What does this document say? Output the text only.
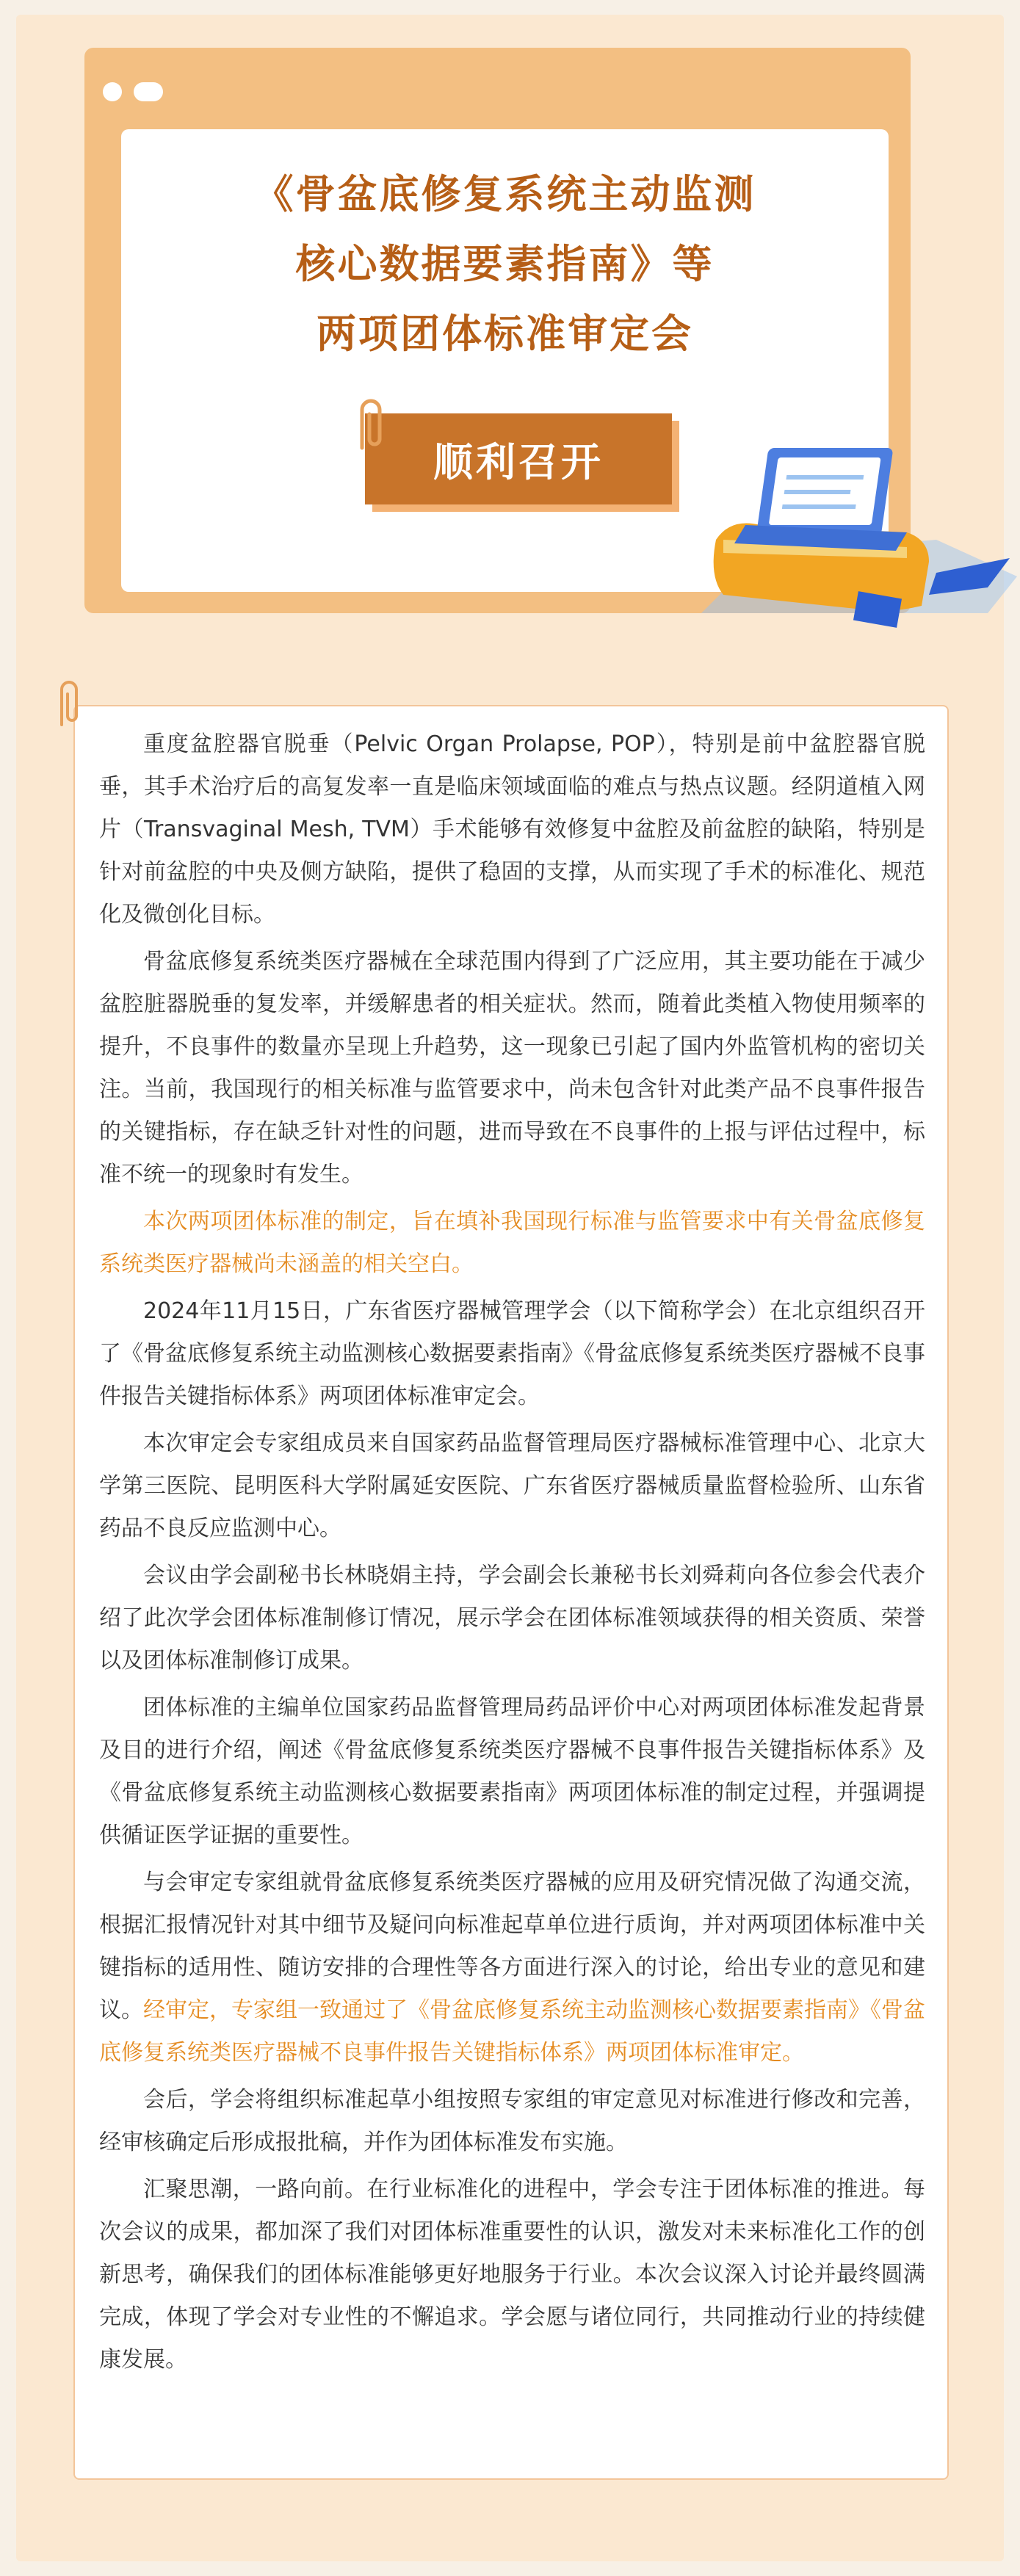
《骨盆底修复系统主动监测
核心数据要素指南》等
两项团体标准审定会
顺利召开

重度盆腔器官脱垂（Pelvic Organ Prolapse, POP），特别是前中盆腔器官脱垂，其手术治疗后的高复发率一直是临床领域面临的难点与热点议题。经阴道植入网片（Transvaginal Mesh, TVM）手术能够有效修复中盆腔及前盆腔的缺陷，特别是针对前盆腔的中央及侧方缺陷，提供了稳固的支撑，从而实现了手术的标准化、规范化及微创化目标。

骨盆底修复系统类医疗器械在全球范围内得到了广泛应用，其主要功能在于减少盆腔脏器脱垂的复发率，并缓解患者的相关症状。然而，随着此类植入物使用频率的提升，不良事件的数量亦呈现上升趋势，这一现象已引起了国内外监管机构的密切关注。当前，我国现行的相关标准与监管要求中，尚未包含针对此类产品不良事件报告的关键指标，存在缺乏针对性的问题，进而导致在不良事件的上报与评估过程中，标准不统一的现象时有发生。

本次两项团体标准的制定，旨在填补我国现行标准与监管要求中有关骨盆底修复系统类医疗器械尚未涵盖的相关空白。

2024年11月15日，广东省医疗器械管理学会（以下简称学会）在北京组织召开了《骨盆底修复系统主动监测核心数据要素指南》《骨盆底修复系统类医疗器械不良事件报告关键指标体系》两项团体标准审定会。

本次审定会专家组成员来自国家药品监督管理局医疗器械标准管理中心、北京大学第三医院、昆明医科大学附属延安医院、广东省医疗器械质量监督检验所、山东省药品不良反应监测中心。

会议由学会副秘书长林晓娟主持，学会副会长兼秘书长刘舜莉向各位参会代表介绍了此次学会团体标准制修订情况，展示学会在团体标准领域获得的相关资质、荣誉以及团体标准制修订成果。

团体标准的主编单位国家药品监督管理局药品评价中心对两项团体标准发起背景及目的进行介绍，阐述《骨盆底修复系统类医疗器械不良事件报告关键指标体系》及《骨盆底修复系统主动监测核心数据要素指南》两项团体标准的制定过程，并强调提供循证医学证据的重要性。

与会审定专家组就骨盆底修复系统类医疗器械的应用及研究情况做了沟通交流，根据汇报情况针对其中细节及疑问向标准起草单位进行质询，并对两项团体标准中关键指标的适用性、随访安排的合理性等各方面进行深入的讨论，给出专业的意见和建议。经审定，专家组一致通过了《骨盆底修复系统主动监测核心数据要素指南》《骨盆底修复系统类医疗器械不良事件报告关键指标体系》两项团体标准审定。

会后，学会将组织标准起草小组按照专家组的审定意见对标准进行修改和完善，经审核确定后形成报批稿，并作为团体标准发布实施。

汇聚思潮，一路向前。在行业标准化的进程中，学会专注于团体标准的推进。每次会议的成果，都加深了我们对团体标准重要性的认识，激发对未来标准化工作的创新思考，确保我们的团体标准能够更好地服务于行业。本次会议深入讨论并最终圆满完成，体现了学会对专业性的不懈追求。学会愿与诸位同行，共同推动行业的持续健康发展。
